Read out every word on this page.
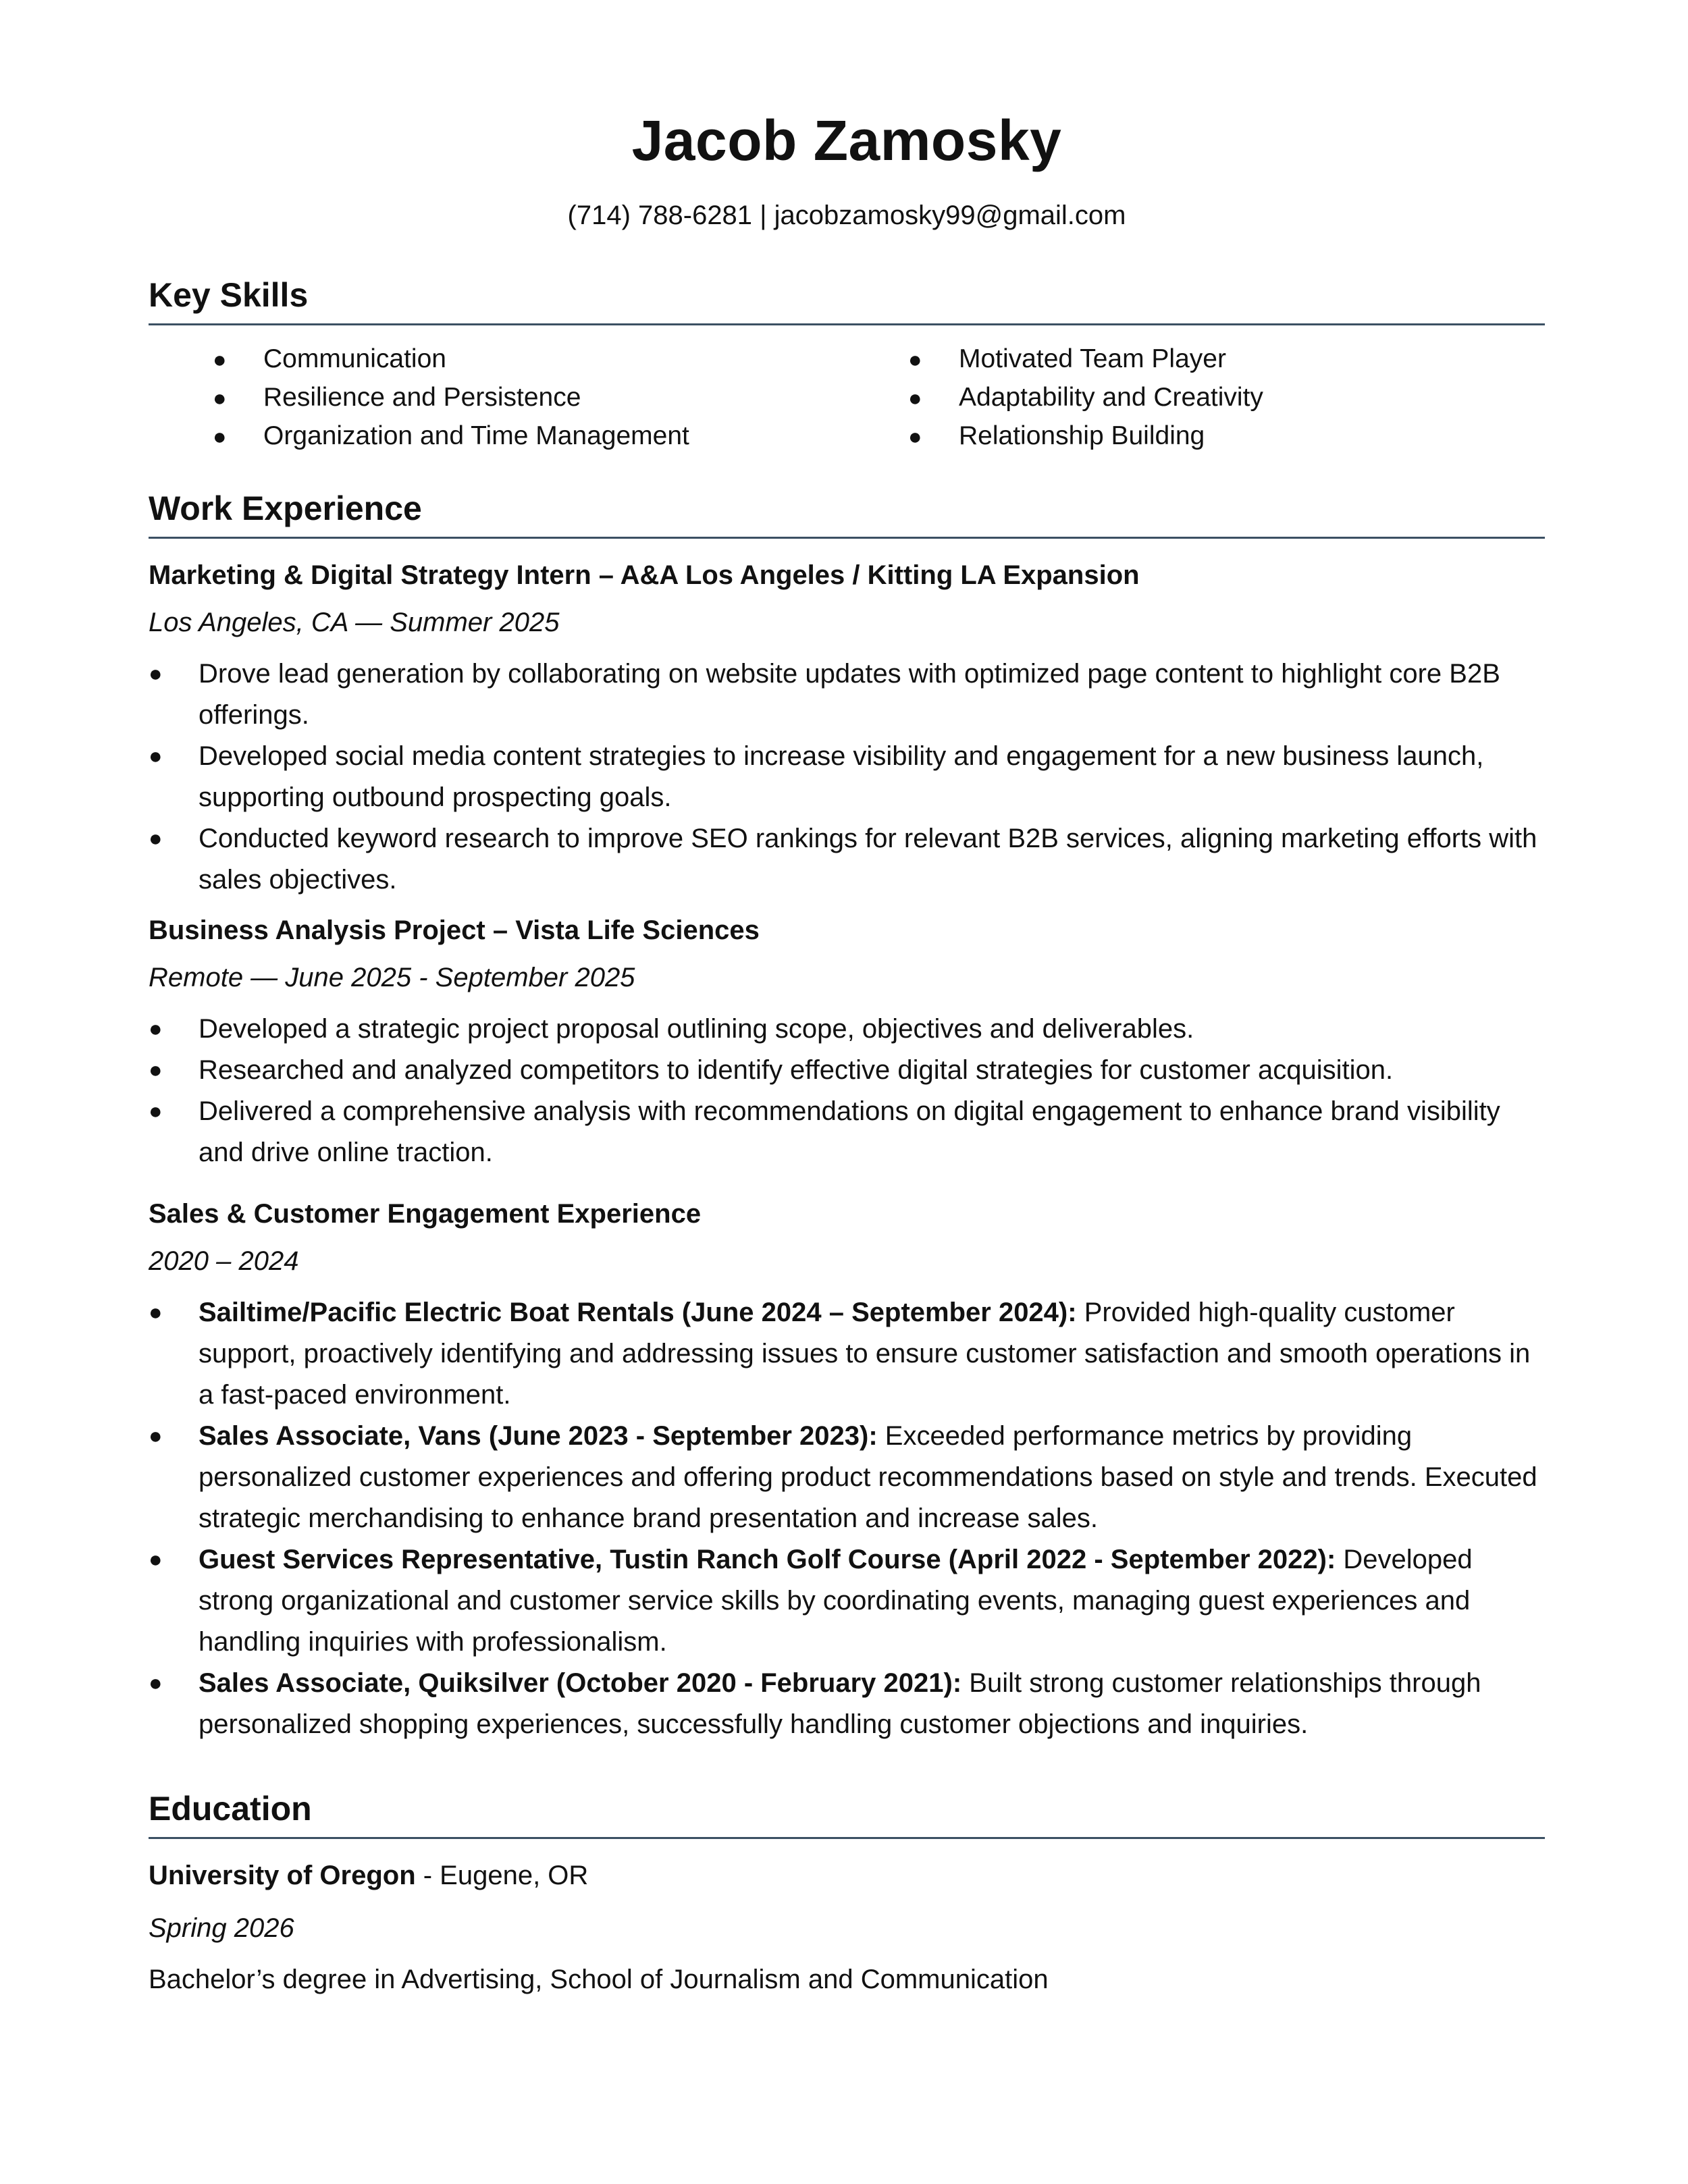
Jacob Zamosky
(714) 788-6281 | jacobzamosky99@gmail.com
Key Skills
●	Communication
●	Resilience and Persistence
●	Organization and Time Management
●	Motivated Team Player
●	Adaptability and Creativity
●	Relationship Building
Work Experience
Marketing & Digital Strategy Intern – A&A Los Angeles / Kitting LA Expansion
Los Angeles, CA — Summer 2025
●	Drove lead generation by collaborating on website updates with optimized page content to highlight core B2B offerings.
●	Developed social media content strategies to increase visibility and engagement for a new business launch, supporting outbound prospecting goals.
●	Conducted keyword research to improve SEO rankings for relevant B2B services, aligning marketing efforts with sales objectives.
Business Analysis Project – Vista Life Sciences
Remote — June 2025 - September 2025
●	Developed a strategic project proposal outlining scope, objectives and deliverables.
●	Researched and analyzed competitors to identify effective digital strategies for customer acquisition.
●	Delivered a comprehensive analysis with recommendations on digital engagement to enhance brand visibility and drive online traction.
Sales & Customer Engagement Experience
2020 – 2024
●	Sailtime/Pacific Electric Boat Rentals (June 2024 – September 2024): Provided high-quality customer support, proactively identifying and addressing issues to ensure customer satisfaction and smooth operations in a fast-paced environment.
●	Sales Associate, Vans (June 2023 - September 2023): Exceeded performance metrics by providing personalized customer experiences and offering product recommendations based on style and trends. Executed strategic merchandising to enhance brand presentation and increase sales.
●	Guest Services Representative, Tustin Ranch Golf Course (April 2022 - September 2022): Developed strong organizational and customer service skills by coordinating events, managing guest experiences and handling inquiries with professionalism.
●	Sales Associate, Quiksilver (October 2020 - February 2021): Built strong customer relationships through personalized shopping experiences, successfully handling customer objections and inquiries.
Education
University of Oregon - Eugene, OR
Spring 2026
Bachelor’s degree in Advertising, School of Journalism and Communication
